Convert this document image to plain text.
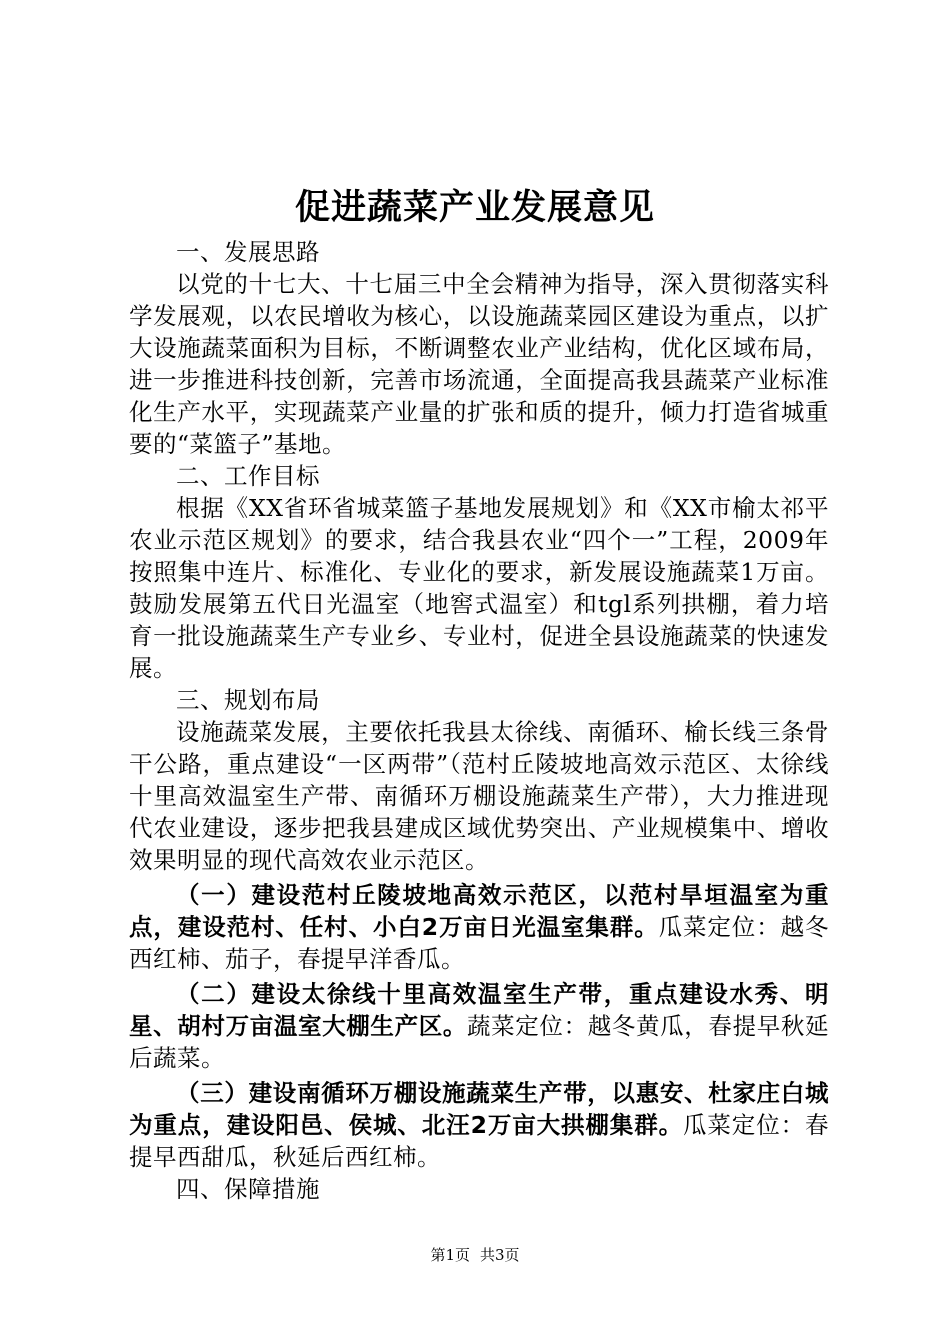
促进蔬菜产业发展意见

一、发展思路

以党的十七大、十七届三中全会精神为指导，深入贯彻落实科学发展观，以农民增收为核心，以设施蔬菜园区建设为重点，以扩大设施蔬菜面积为目标，不断调整农业产业结构，优化区域布局，进一步推进科技创新，完善市场流通，全面提高我县蔬菜产业标准化生产水平，实现蔬菜产业量的扩张和质的提升，倾力打造省城重要的“菜篮子”基地。

二、工作目标

根据《XX省环省城菜篮子基地发展规划》和《XX市榆太祁平农业示范区规划》的要求，结合我县农业“四个一”工程，2009年按照集中连片、标准化、专业化的要求，新发展设施蔬菜1万亩。鼓励发展第五代日光温室（地窖式温室）和tgl系列拱棚，着力培育一批设施蔬菜生产专业乡、专业村，促进全县设施蔬菜的快速发展。

三、规划布局

设施蔬菜发展，主要依托我县太徐线、南循环、榆长线三条骨干公路，重点建设“一区两带”（范村丘陵坡地高效示范区、太徐线十里高效温室生产带、南循环万棚设施蔬菜生产带），大力推进现代农业建设，逐步把我县建成区域优势突出、产业规模集中、增收效果明显的现代高效农业示范区。

（一）建设范村丘陵坡地高效示范区，以范村旱垣温室为重点，建设范村、任村、小白2万亩日光温室集群。瓜菜定位：越冬西红柿、茄子，春提早洋香瓜。

（二）建设太徐线十里高效温室生产带，重点建设水秀、明星、胡村万亩温室大棚生产区。蔬菜定位：越冬黄瓜，春提早秋延后蔬菜。

（三）建设南循环万棚设施蔬菜生产带，以惠安、杜家庄白城为重点，建设阳邑、侯城、北汪2万亩大拱棚集群。瓜菜定位：春提早西甜瓜，秋延后西红柿。

四、保障措施

第1页 共3页
